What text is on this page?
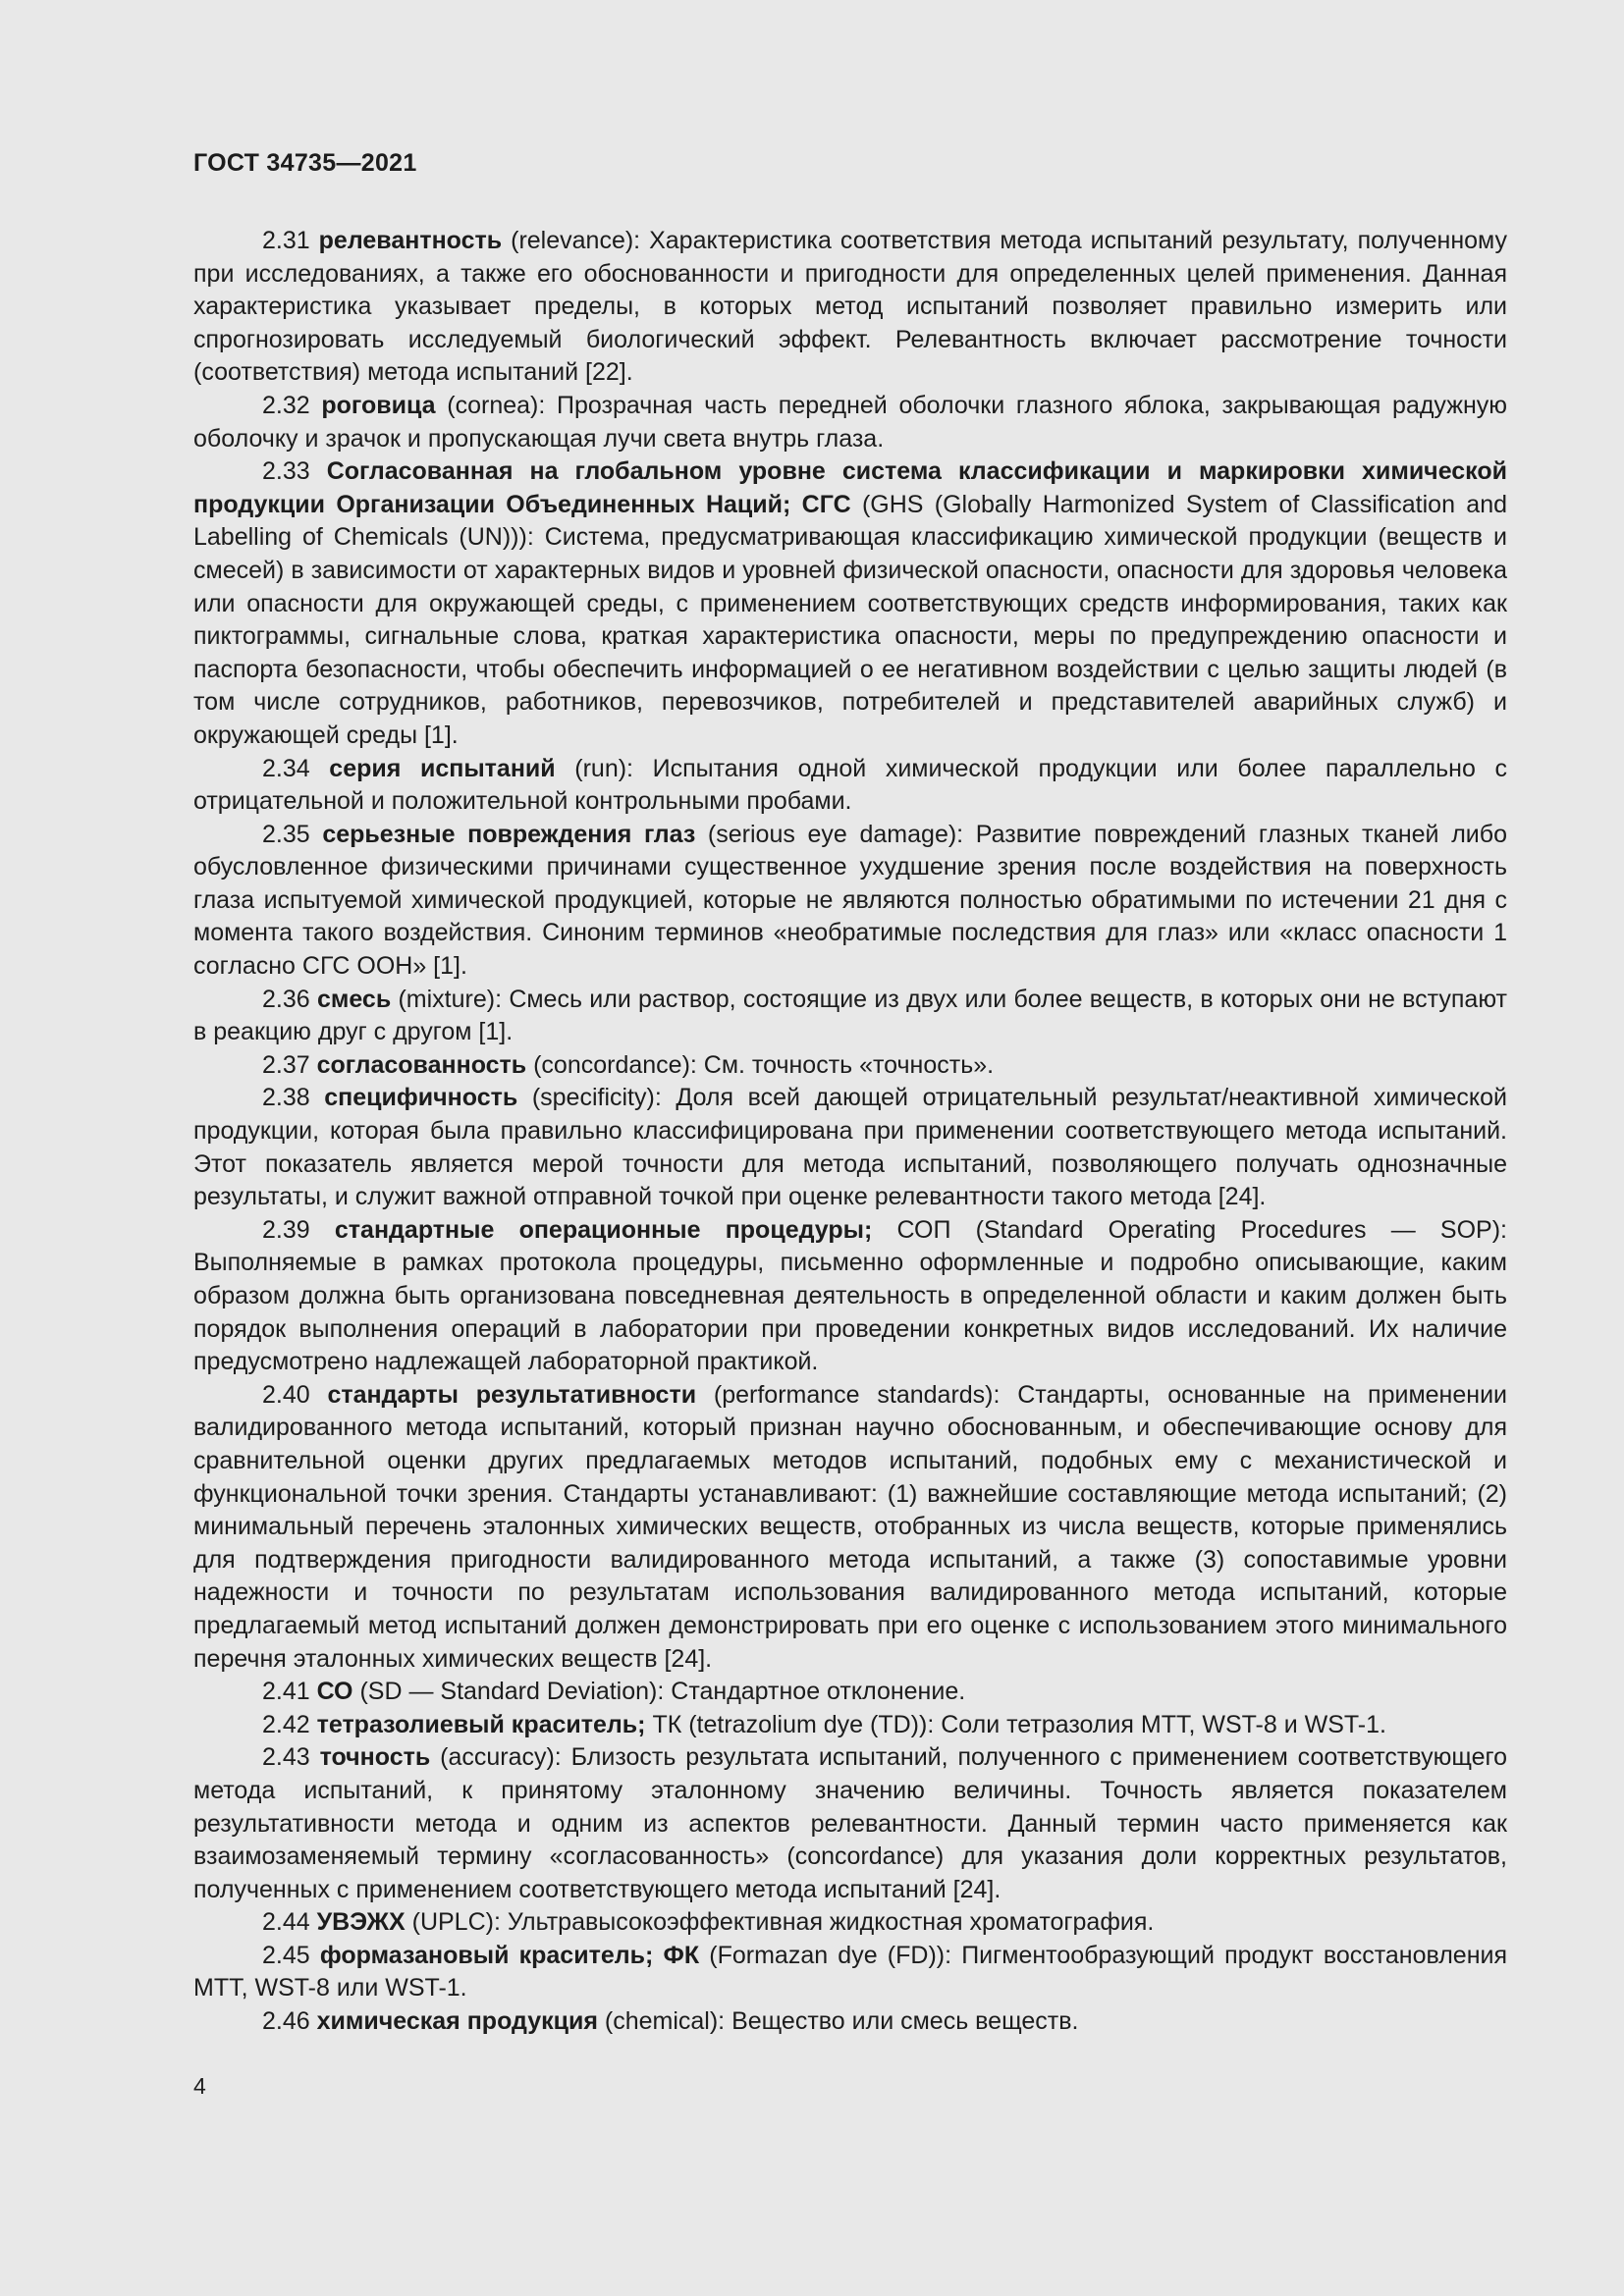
ГОСТ 34735—2021

2.31 релевантность (relevance): Характеристика соответствия метода испытаний результату, полученному при исследованиях, а также его обоснованности и пригодности для определенных целей применения. Данная характеристика указывает пределы, в которых метод испытаний позволяет правильно измерить или спрогнозировать исследуемый биологический эффект. Релевантность включает рассмотрение точности (соответствия) метода испытаний [22].

2.32 роговица (cornea): Прозрачная часть передней оболочки глазного яблока, закрывающая радужную оболочку и зрачок и пропускающая лучи света внутрь глаза.

2.33 Согласованная на глобальном уровне система классификации и маркировки химической продукции Организации Объединенных Наций; СГС (GHS (Globally Harmonized System of Classification and Labelling of Chemicals (UN))): Система, предусматривающая классификацию химической продукции (веществ и смесей) в зависимости от характерных видов и уровней физической опасности, опасности для здоровья человека или опасности для окружающей среды, с применением соответствующих средств информирования, таких как пиктограммы, сигнальные слова, краткая характеристика опасности, меры по предупреждению опасности и паспорта безопасности, чтобы обеспечить информацией о ее негативном воздействии с целью защиты людей (в том числе сотрудников, работников, перевозчиков, потребителей и представителей аварийных служб) и окружающей среды [1].

2.34 серия испытаний (run): Испытания одной химической продукции или более параллельно с отрицательной и положительной контрольными пробами.

2.35 серьезные повреждения глаз (serious eye damage): Развитие повреждений глазных тканей либо обусловленное физическими причинами существенное ухудшение зрения после воздействия на поверхность глаза испытуемой химической продукцией, которые не являются полностью обратимыми по истечении 21 дня с момента такого воздействия. Синоним терминов «необратимые последствия для глаз» или «класс опасности 1 согласно СГС ООН» [1].

2.36 смесь (mixture): Смесь или раствор, состоящие из двух или более веществ, в которых они не вступают в реакцию друг с другом [1].

2.37 согласованность (concordance): См. точность «точность».

2.38 специфичность (specificity): Доля всей дающей отрицательный результат/неактивной химической продукции, которая была правильно классифицирована при применении соответствующего метода испытаний. Этот показатель является мерой точности для метода испытаний, позволяющего получать однозначные результаты, и служит важной отправной точкой при оценке релевантности такого метода [24].

2.39 стандартные операционные процедуры; СОП (Standard Operating Procedures — SOP): Выполняемые в рамках протокола процедуры, письменно оформленные и подробно описывающие, каким образом должна быть организована повседневная деятельность в определенной области и каким должен быть порядок выполнения операций в лаборатории при проведении конкретных видов исследований. Их наличие предусмотрено надлежащей лабораторной практикой.

2.40 стандарты результативности (performance standards): Стандарты, основанные на применении валидированного метода испытаний, который признан научно обоснованным, и обеспечивающие основу для сравнительной оценки других предлагаемых методов испытаний, подобных ему с механистической и функциональной точки зрения. Стандарты устанавливают: (1) важнейшие составляющие метода испытаний; (2) минимальный перечень эталонных химических веществ, отобранных из числа веществ, которые применялись для подтверждения пригодности валидированного метода испытаний, а также (3) сопоставимые уровни надежности и точности по результатам использования валидированного метода испытаний, которые предлагаемый метод испытаний должен демонстрировать при его оценке с использованием этого минимального перечня эталонных химических веществ [24].

2.41 СО (SD — Standard Deviation): Стандартное отклонение.

2.42 тетразолиевый краситель; ТК (tetrazolium dye (TD)): Соли тетразолия МТТ, WST-8 и WST-1.

2.43 точность (accuracy): Близость результата испытаний, полученного с применением соответствующего метода испытаний, к принятому эталонному значению величины. Точность является показателем результативности метода и одним из аспектов релевантности. Данный термин часто применяется как взаимозаменяемый термину «согласованность» (concordance) для указания доли корректных результатов, полученных с применением соответствующего метода испытаний [24].

2.44 УВЭЖХ (UPLC): Ультравысокоэффективная жидкостная хроматография.

2.45 формазановый краситель; ФК (Formazan dye (FD)): Пигментообразующий продукт восстановления МТТ, WST-8 или WST-1.

2.46 химическая продукция (chemical): Вещество или смесь веществ.

4
